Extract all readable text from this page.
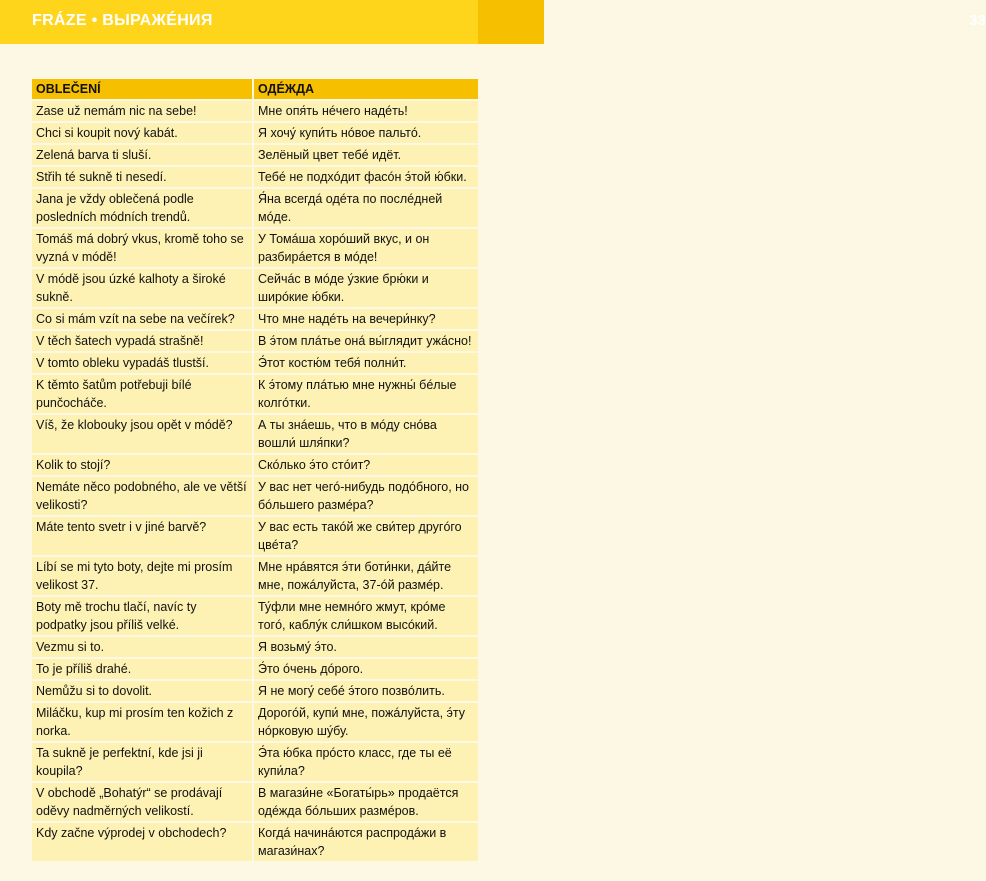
FRÁZE • ВЫРАЖÉНИЯ	33
OBLEČENÍ	ОДÉЖДА
Zase už nemám nic na sebe!	Мне опя́ть нéчего надéть!
Chci si koupit nový kabát.	Я хочу́ купи́ть нóвое пальтó.
Zelená barva ti sluší.	Зелёный цвет тебé идёт.
Střih té sukně ti nesedí.	Тебé не подхóдит фасóн э́той ю́бки.
Jana je vždy oblečená podle posledních módních trendů.	Я́на всегдá одéта по послéдней мóде.
Tomáš má dobrý vkus, kromě toho se vyzná v módě!	У Томáша хорóший вкус, и он разбирáется в мóде!
V módě jsou úzké kalhoty a široké sukně.	Сейчáс в мóде у́зкие брю́ки и ширóкие ю́бки.
Co si mám vzít na sebe na večírek?	Что мне надéть на вечери́нку?
V těch šatech vypadá strašně!	В э́том плáтье онá вы́глядит ужáсно!
V tomto obleku vypadáš tlustší.	Э́тот костю́м тебя́ полни́т.
K těmto šatům potřebuji bílé punčocháče.	К э́тому плáтью мне нужны́ бéлые колгóтки.
Víš, že klobouky jsou opět v módě?	А ты знáешь, что в мóду снóва вошли́ шля́пки?
Kolik to stojí?	Скóлько э́то стóит?
Nemáte něco podobného, ale ve větší velikosti?	У вас нет чегó-нибудь подóбного, но бóльшего размéра?
Máte tento svetr i v jiné barvě?	У вас есть такóй же сви́тер другóго цвéта?
Líbí se mi tyto boty, dejte mi prosím velikost 37.	Мне нрáвятся э́ти боти́нки, дáйте мне, пожáлуйста, 37-óй размéр.
Boty mě trochu tlačí, navíc ty podpatky jsou příliš velké.	Ту́фли мне немнóго жмут, крóме тогó, каблу́к сли́шком высóкий.
Vezmu si to.	Я возьму́ э́то.
To je příliš drahé.	Э́то óчень дóрого.
Nemůžu si to dovolit.	Я не могу́ себé э́того позвóлить.
Miláčku, kup mi prosím ten kožich z norka.	Дорогóй, купи́ мне, пожáлуйста, э́ту нóрковую шу́бу.
Ta sukně je perfektní, kde jsi ji koupila?	Э́та ю́бка прóсто класс, где ты её купи́ла?
V obchodě „Bohatýr“ se prodávají oděvy nadměrných velikostí.	В магази́не «Богаты́рь» продаётся одéжда бóльших размéров.
Kdy začne výprodej v obchodech?	Когдá начинáются распродáжи в магази́нах?
